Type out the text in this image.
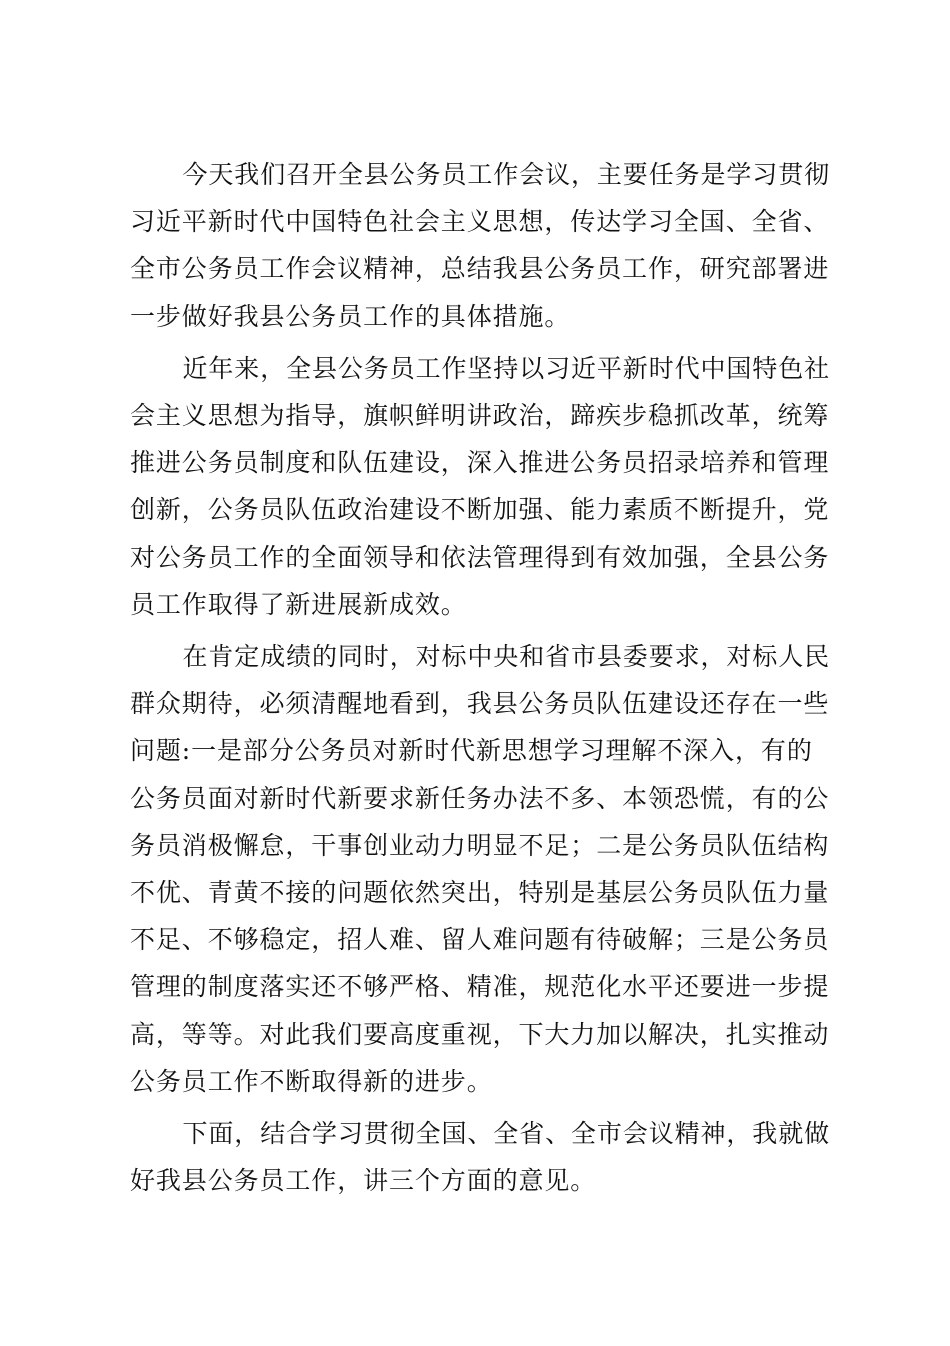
今天我们召开全县公务员工作会议，主要任务是学习贯彻
习近平新时代中国特色社会主义思想，传达学习全国、全省、
全市公务员工作会议精神，总结我县公务员工作，研究部署进
一步做好我县公务员工作的具体措施。

近年来，全县公务员工作坚持以习近平新时代中国特色社
会主义思想为指导，旗帜鲜明讲政治，蹄疾步稳抓改革，统筹
推进公务员制度和队伍建设，深入推进公务员招录培养和管理
创新，公务员队伍政治建设不断加强、能力素质不断提升，党
对公务员工作的全面领导和依法管理得到有效加强，全县公务
员工作取得了新进展新成效。

在肯定成绩的同时，对标中央和省市县委要求，对标人民
群众期待，必须清醒地看到，我县公务员队伍建设还存在一些
问题:一是部分公务员对新时代新思想学习理解不深入，有的
公务员面对新时代新要求新任务办法不多、本领恐慌，有的公
务员消极懈怠，干事创业动力明显不足；二是公务员队伍结构
不优、青黄不接的问题依然突出，特别是基层公务员队伍力量
不足、不够稳定，招人难、留人难问题有待破解；三是公务员
管理的制度落实还不够严格、精准，规范化水平还要进一步提
高，等等。对此我们要高度重视，下大力加以解决，扎实推动
公务员工作不断取得新的进步。

下面，结合学习贯彻全国、全省、全市会议精神，我就做
好我县公务员工作，讲三个方面的意见。
